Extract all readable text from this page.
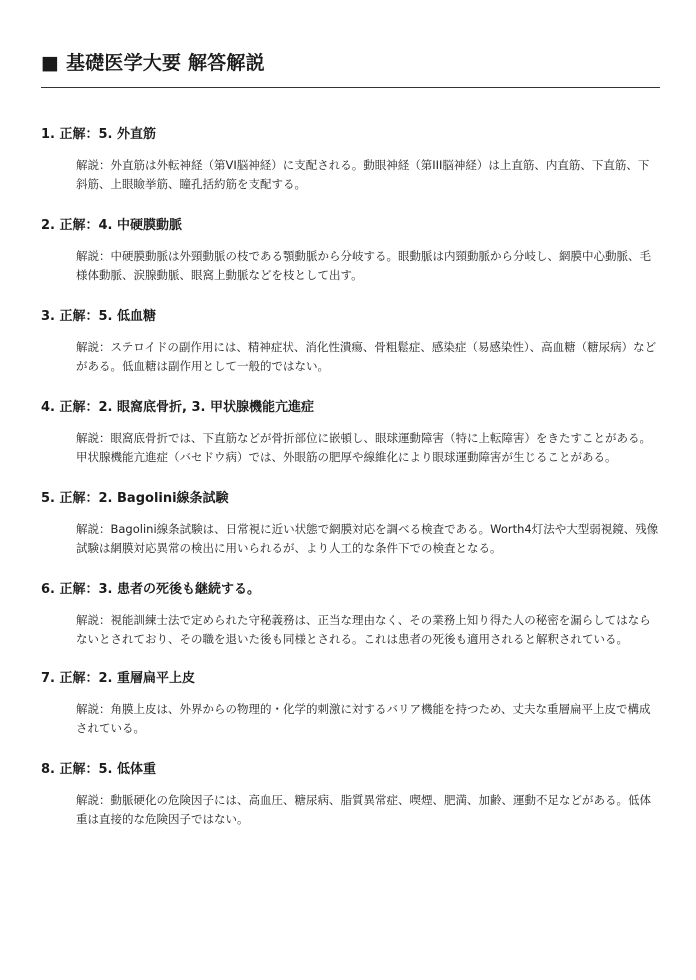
■ 基礎医学大要 解答解説

1. 正解：5. 外直筋

解説：外直筋は外転神経（第VI脳神経）に支配される。動眼神経（第III脳神経）は上直筋、内直筋、下直筋、下斜筋、上眼瞼挙筋、瞳孔括約筋を支配する。

2. 正解：4. 中硬膜動脈

解説：中硬膜動脈は外頸動脈の枝である顎動脈から分岐する。眼動脈は内頸動脈から分岐し、網膜中心動脈、毛様体動脈、涙腺動脈、眼窩上動脈などを枝として出す。

3. 正解：5. 低血糖

解説：ステロイドの副作用には、精神症状、消化性潰瘍、骨粗鬆症、感染症（易感染性）、高血糖（糖尿病）などがある。低血糖は副作用として一般的ではない。

4. 正解：2. 眼窩底骨折, 3. 甲状腺機能亢進症

解説：眼窩底骨折では、下直筋などが骨折部位に嵌頓し、眼球運動障害（特に上転障害）をきたすことがある。甲状腺機能亢進症（バセドウ病）では、外眼筋の肥厚や線維化により眼球運動障害が生じることがある。

5. 正解：2. Bagolini線条試験

解説：Bagolini線条試験は、日常視に近い状態で網膜対応を調べる検査である。Worth4灯法や大型弱視鏡、残像試験は網膜対応異常の検出に用いられるが、より人工的な条件下での検査となる。

6. 正解：3. 患者の死後も継続する。

解説：視能訓練士法で定められた守秘義務は、正当な理由なく、その業務上知り得た人の秘密を漏らしてはならないとされており、その職を退いた後も同様とされる。これは患者の死後も適用されると解釈されている。

7. 正解：2. 重層扁平上皮

解説：角膜上皮は、外界からの物理的・化学的刺激に対するバリア機能を持つため、丈夫な重層扁平上皮で構成されている。

8. 正解：5. 低体重

解説：動脈硬化の危険因子には、高血圧、糖尿病、脂質異常症、喫煙、肥満、加齢、運動不足などがある。低体重は直接的な危険因子ではない。
